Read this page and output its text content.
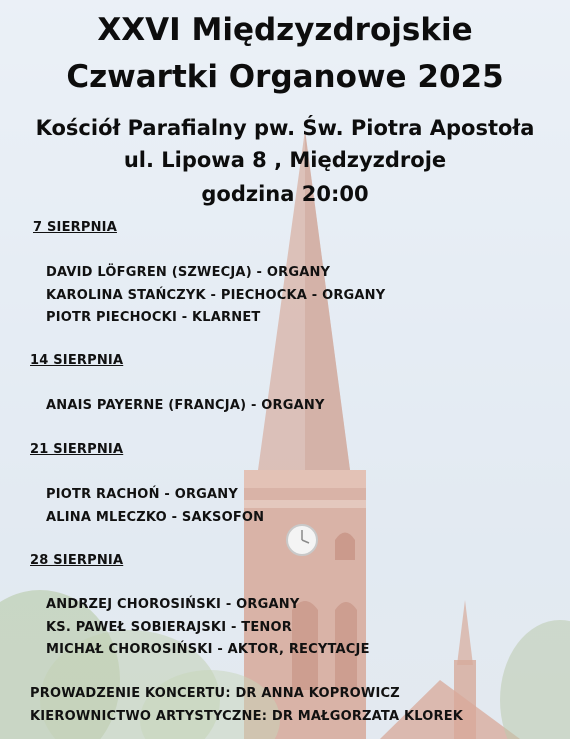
XXVI Międzyzdrojskie
Czwartki Organowe 2025
Kościół Parafialny pw. Św. Piotra Apostoła
ul. Lipowa 8 , Międzyzdroje
godzina 20:00
7 SIERPNIA
DAVID LÖFGREN (SZWECJA) - ORGANY
KAROLINA STAŃCZYK - PIECHOCKA - ORGANY
PIOTR PIECHOCKI - KLARNET
14 SIERPNIA
ANAIS PAYERNE (FRANCJA) - ORGANY
21 SIERPNIA
PIOTR RACHOŃ - ORGANY
ALINA MLECZKO - SAKSOFON
28 SIERPNIA
ANDRZEJ CHOROSIŃSKI - ORGANY
KS. PAWEŁ SOBIERAJSKI - TENOR
MICHAŁ CHOROSIŃSKI - AKTOR, RECYTACJE
PROWADZENIE KONCERTU: DR ANNA KOPROWICZ
KIEROWNICTWO ARTYSTYCZNE: DR MAŁGORZATA KLOREK
